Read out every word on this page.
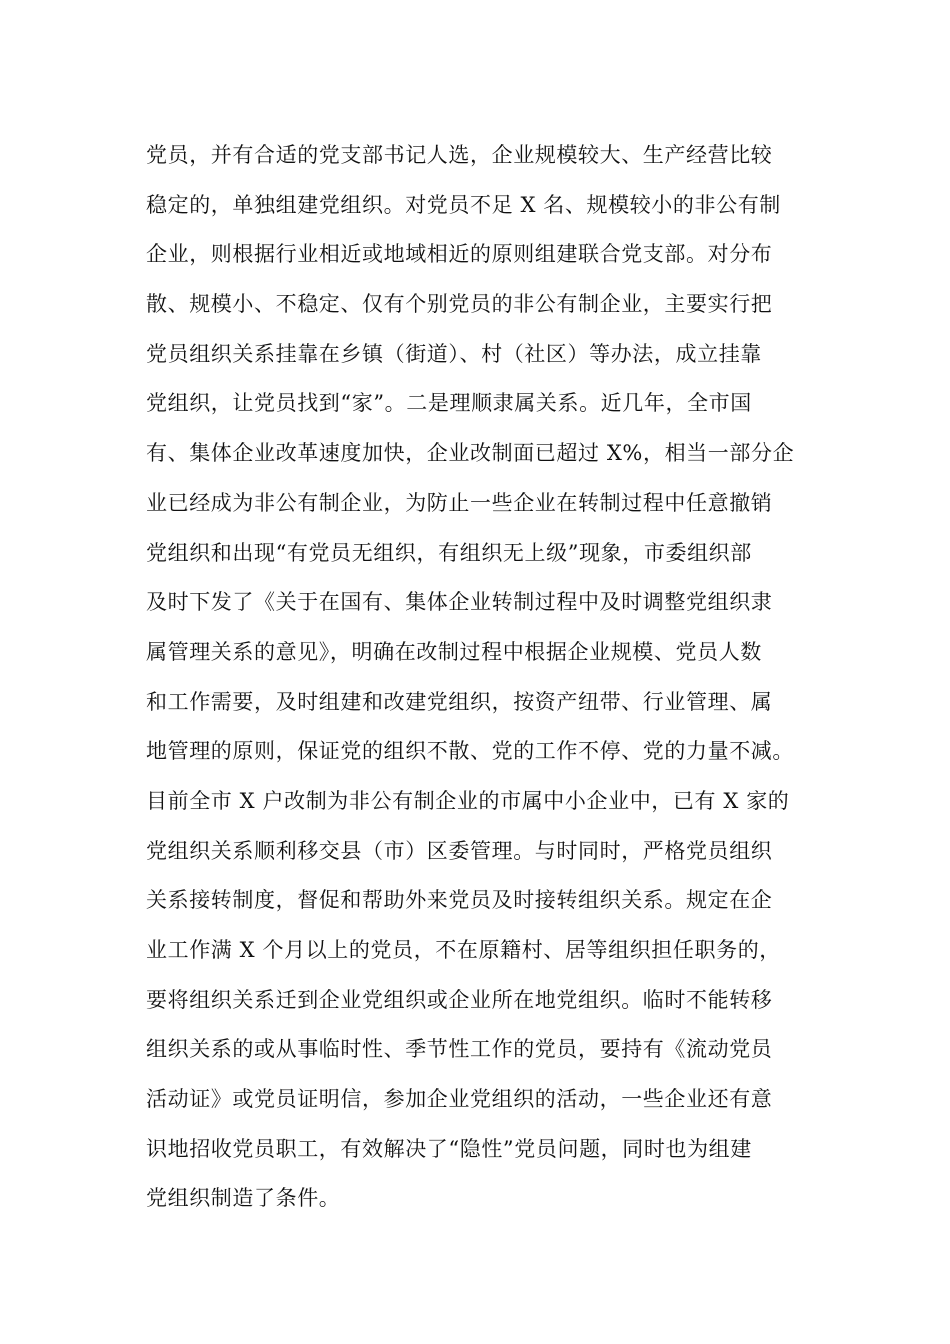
党员，并有合适的党支部书记人选，企业规模较大、生产经营比较
稳定的，单独组建党组织。对党员不足 X 名、规模较小的非公有制
企业，则根据行业相近或地域相近的原则组建联合党支部。对分布
散、规模小、不稳定、仅有个别党员的非公有制企业，主要实行把
党员组织关系挂靠在乡镇（街道）、村（社区）等办法，成立挂靠
党组织，让党员找到“家”。二是理顺隶属关系。近几年，全市国
有、集体企业改革速度加快，企业改制面已超过 X%，相当一部分企
业已经成为非公有制企业，为防止一些企业在转制过程中任意撤销
党组织和出现“有党员无组织，有组织无上级”现象，市委组织部
及时下发了《关于在国有、集体企业转制过程中及时调整党组织隶
属管理关系的意见》，明确在改制过程中根据企业规模、党员人数
和工作需要，及时组建和改建党组织，按资产纽带、行业管理、属
地管理的原则，保证党的组织不散、党的工作不停、党的力量不减。
目前全市 X 户改制为非公有制企业的市属中小企业中，已有 X 家的
党组织关系顺利移交县（市）区委管理。与时同时，严格党员组织
关系接转制度，督促和帮助外来党员及时接转组织关系。规定在企
业工作满 X 个月以上的党员，不在原籍村、居等组织担任职务的，
要将组织关系迁到企业党组织或企业所在地党组织。临时不能转移
组织关系的或从事临时性、季节性工作的党员，要持有《流动党员
活动证》或党员证明信，参加企业党组织的活动，一些企业还有意
识地招收党员职工，有效解决了“隐性”党员问题，同时也为组建
党组织制造了条件。
